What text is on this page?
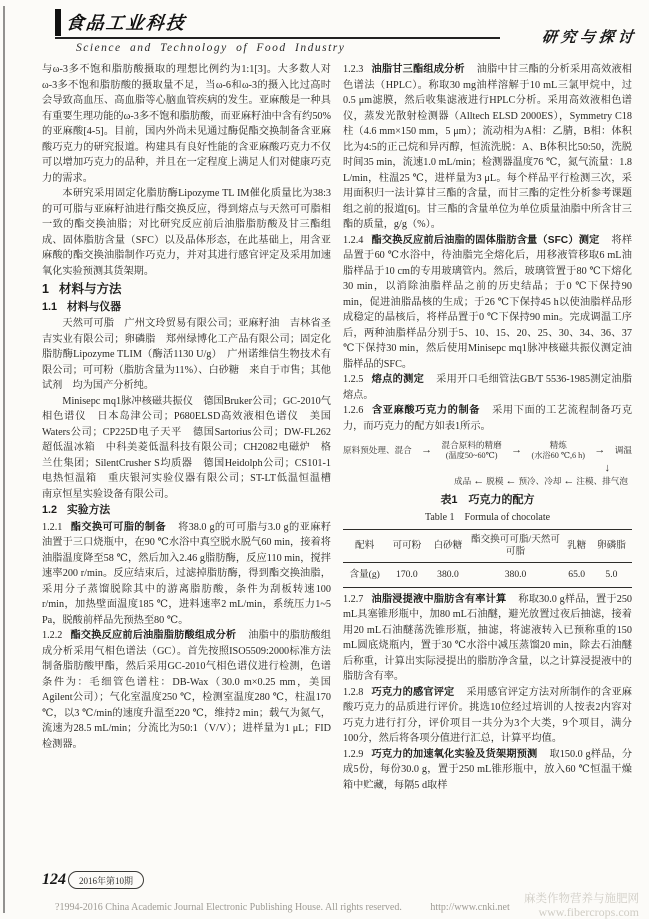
食品工业科技
研究与探讨
Science and Technology of Food Industry

与ω-3多不饱和脂肪酸摄取的理想比例约为1:1[3]。大多数人对ω-3多不饱和脂肪酸的摄取量不足，当ω-6和ω-3的摄入比过高时会导致高血压、高血脂等心脑血管疾病的发生。亚麻酸是一种具有重要生理功能的ω-3多不饱和脂肪酸，而亚麻籽油中含有约50%的亚麻酸[4-5]。目前，国内外尚未见通过酶促酯交换制备含亚麻酸巧克力的研究报道。构建具有良好性能的含亚麻酸巧克力不仅可以增加巧克力的品种，并且在一定程度上满足人们对健康巧克力的需求。

本研究采用固定化脂肪酶Lipozyme TL IM催化质量比为38:3的可可脂与亚麻籽油进行酯交换反应，得到熔点与天然可可脂相一致的酯交换油脂；对比研究反应前后油脂脂肪酸及甘三酯组成、固体脂肪含量（SFC）以及晶体形态，在此基础上，用含亚麻酸的酯交换油脂制作巧克力，并对其进行感官评定及采用加速氧化实验预测其货架期。

1 材料与方法

1.1 材料与仪器

天然可可脂　广州文玲贸易有限公司；亚麻籽油　吉林省圣吉实业有限公司；卵磷脂　郑州绿博化工产品有限公司；固定化脂肪酶Lipozyme TLIM（酶活1130 U/g）　广州诺维信生物技术有限公司；可可粉（脂肪含量为11%）、白砂糖　来自于市售；其他试剂　均为国产分析纯。

Minisepc mq1脉冲核磁共振仪　德国Bruker公司；GC-2010气相色谱仪　日本岛津公司；P680ELSD高效液相色谱仪　美国Waters公司；CP225D电子天平　德国Sartorius公司；DW-FL262超低温冰箱　中科美菱低温科技有限公司；CH2082电磁炉　格兰仕集团；SilentCrusher S均质器　德国Heidolph公司；CS101-1电热恒温箱　重庆银河实验仪器有限公司；ST-LT低温恒温槽　南京恒星实验设备有限公司。

1.2 实验方法

1.2.1 酯交换可可脂的制备 将38.0 g的可可脂与3.0 g的亚麻籽油置于三口烧瓶中，在90 ℃水浴中真空脱水脱气60 min，接着将油脂温度降至58 ℃，然后加入2.46 g脂肪酶，反应110 min，搅拌速率200 r/min。反应结束后，过滤掉脂肪酶，得到酯交换油脂，采用分子蒸馏脱除其中的游离脂肪酸，条件为刮板转速100 r/min，加热壁面温度185 ℃，进料速率2 mL/min，系统压力1~5 Pa，脱酸前样品先预热至80 ℃。

1.2.2 酯交换反应前后油脂脂肪酸组成分析 油脂中的脂肪酸组成分析采用气相色谱法（GC）。首先按照ISO5509:2000标准方法制备脂肪酸甲酯，然后采用GC-2010气相色谱仪进行检测，色谱条件为：毛细管色谱柱：DB-Wax（30.0 m×0.25 mm，美国Agilent公司）；气化室温度250 ℃，检测室温度280 ℃，柱温170 ℃，以3 ℃/min的速度升温至220 ℃，维持2 min；载气为氮气，流速为28.5 mL/min；分流比为50:1（V/V）；进样量为1 μL；FID检测器。

1.2.3 油脂甘三酯组成分析 油脂中甘三酯的分析采用高效液相色谱法（HPLC）。称取30 mg油样溶解于10 mL三氯甲烷中，过0.5 μm滤膜，然后收集滤液进行HPLC分析。采用高效液相色谱仪，蒸发光散射检测器（Alltech ELSD 2000ES），Symmetry C18柱（4.6 mm×150 mm，5 μm）；流动相为A相：乙腈，B相：体积比为4:5的正己烷和异丙醇，恒流洗脱：A、B体积比50:50，洗脱时间35 min，流速1.0 mL/min；检测器温度76 ℃，氮气流量：1.8 L/min，柱温25 ℃，进样量为3 μL。每个样品平行检测三次，采用面积归一法计算甘三酯的含量，而甘三酯的定性分析参考课题组之前的报道[6]。甘三酯的含量单位为单位质量油脂中所含甘三酯的质量，g/g（%）。

1.2.4 酯交换反应前后油脂的固体脂肪含量（SFC）测定 将样品置于60 ℃水浴中，待油脂完全熔化后，用移液管移取6 mL油脂样品于10 cm的专用玻璃管内。然后，玻璃管置于80 ℃下熔化30 min，以消除油脂样品之前的历史结晶；于0 ℃下保持90 min，促进油脂晶核的生成；于26 ℃下保持45 h以使油脂样品形成稳定的晶核后，将样品置于0 ℃下保持90 min。完成调温工序后，两种油脂样品分别于5、10、15、20、25、30、34、36、37 ℃下保持30 min，然后使用Minisepc mq1脉冲核磁共振仪测定油脂样品的SFC。

1.2.5 熔点的测定 采用开口毛细管法GB/T 5536-1985测定油脂熔点。

1.2.6 含亚麻酸巧克力的制备 采用下面的工艺流程制备巧克力，而巧克力的配方如表1所示。

原料预处理、混合 → 混合原料的精磨
(温度50~60℃)	→	精炼
(水浴60 ℃,6 h) → 调温
↓
成品 ← 脱模 ← 预冷、冷却 ← 注模、排气泡

表1　巧克力的配方

Table 1　Formula of chocolate

配料	可可粉	白砂糖	酯交换可可脂/天然可可脂	乳糖	卵磷脂
含量(g)	170.0	380.0	380.0	65.0	5.0

1.2.7 油脂浸提液中脂肪含有率计算 称取30.0 g样品，置于250 mL具塞锥形瓶中，加80 mL石油醚，避光放置过夜后抽滤，接着用20 mL石油醚荡洗锥形瓶，抽滤，将滤液转入已预称重的150 mL圆底烧瓶内，置于30 ℃水浴中减压蒸馏20 min，除去石油醚后称重，计算出实际浸提出的脂肪净含量，以之计算浸提液中的脂肪含有率。

1.2.8 巧克力的感官评定 采用感官评定方法对所制作的含亚麻酸巧克力的品质进行评价。挑选10位经过培训的人按表2内容对巧克力进行打分，评价项目一共分为3个大类，9个项目，满分100分，然后将各项分值进行汇总，计算平均值。

1.2.9 巧克力的加速氧化实验及货架期预测 取150.0 g样品，分成5份，每份30.0 g，置于250 mL锥形瓶中，放入60 ℃恒温干燥箱中贮藏，每隔5 d取样

124	2016年第10期
?1994-2016 China Academic Journal Electronic Publishing House. All rights reserved.	http://www.cnki.net
麻类作物营养与施肥网
www.fibercrops.com
